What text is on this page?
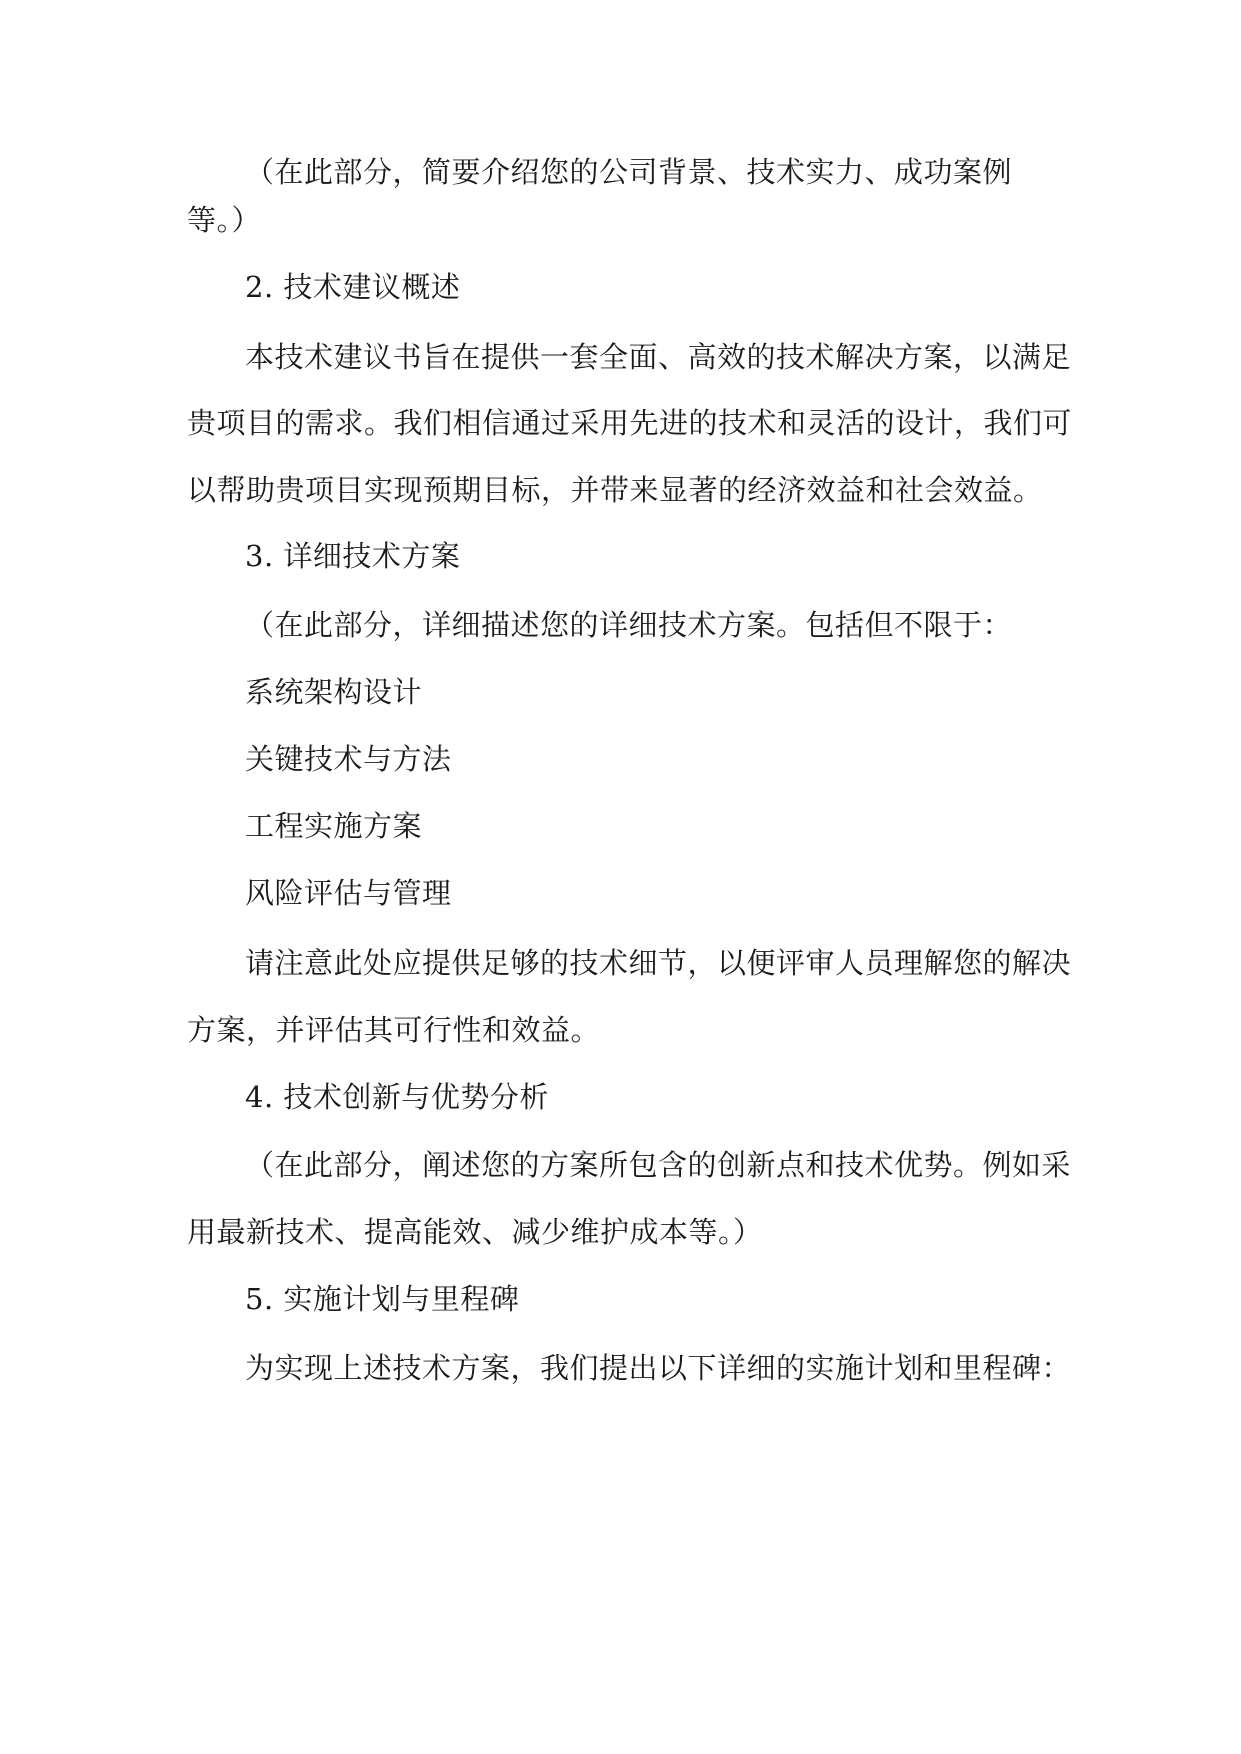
（在此部分，简要介绍您的公司背景、技术实力、成功案例
等。）
2. 技术建议概述
本技术建议书旨在提供一套全面、高效的技术解决方案，以满足
贵项目的需求。我们相信通过采用先进的技术和灵活的设计，我们可
以帮助贵项目实现预期目标，并带来显著的经济效益和社会效益。
3. 详细技术方案
（在此部分，详细描述您的详细技术方案。包括但不限于：
系统架构设计
关键技术与方法
工程实施方案
风险评估与管理
请注意此处应提供足够的技术细节，以便评审人员理解您的解决
方案，并评估其可行性和效益。
4. 技术创新与优势分析
（在此部分，阐述您的方案所包含的创新点和技术优势。例如采
用最新技术、提高能效、减少维护成本等。）
5. 实施计划与里程碑
为实现上述技术方案，我们提出以下详细的实施计划和里程碑：
